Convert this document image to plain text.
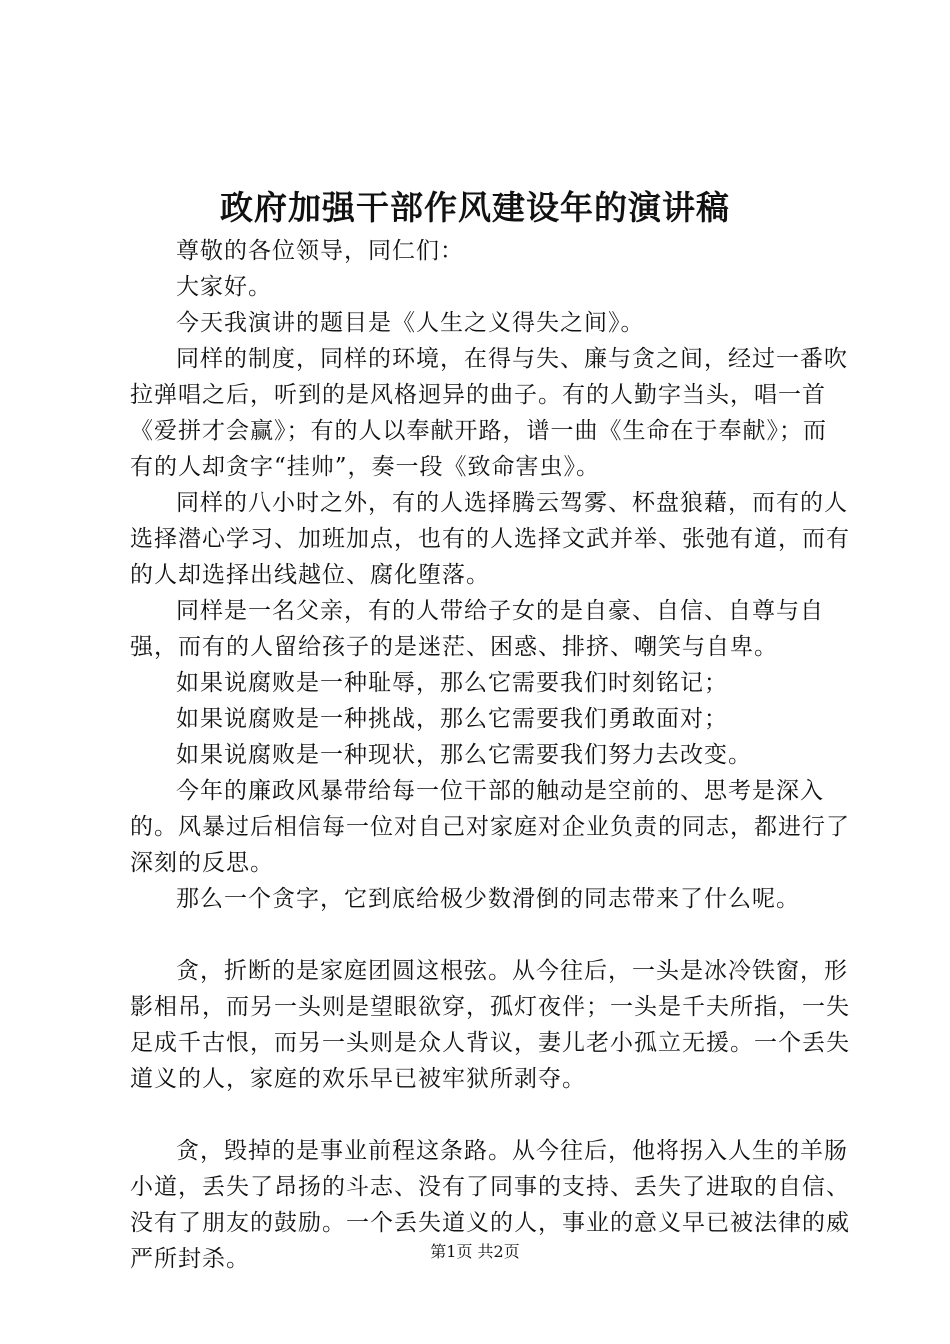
政府加强干部作风建设年的演讲稿

尊敬的各位领导，同仁们：

大家好。

今天我演讲的题目是《人生之义得失之间》。

同样的制度，同样的环境，在得与失、廉与贪之间，经过一番吹拉弹唱之后，听到的是风格迥异的曲子。有的人勤字当头，唱一首《爱拼才会赢》；有的人以奉献开路，谱一曲《生命在于奉献》；而有的人却贪字“挂帅”，奏一段《致命害虫》。

同样的八小时之外，有的人选择腾云驾雾、杯盘狼藉，而有的人选择潜心学习、加班加点，也有的人选择文武并举、张弛有道，而有的人却选择出线越位、腐化堕落。

同样是一名父亲，有的人带给子女的是自豪、自信、自尊与自强，而有的人留给孩子的是迷茫、困惑、排挤、嘲笑与自卑。

如果说腐败是一种耻辱，那么它需要我们时刻铭记；

如果说腐败是一种挑战，那么它需要我们勇敢面对；

如果说腐败是一种现状，那么它需要我们努力去改变。

今年的廉政风暴带给每一位干部的触动是空前的、思考是深入的。风暴过后相信每一位对自己对家庭对企业负责的同志，都进行了深刻的反思。

那么一个贪字，它到底给极少数滑倒的同志带来了什么呢。

贪，折断的是家庭团圆这根弦。从今往后，一头是冰冷铁窗，形影相吊，而另一头则是望眼欲穿，孤灯夜伴；一头是千夫所指，一失足成千古恨，而另一头则是众人背议，妻儿老小孤立无援。一个丢失道义的人，家庭的欢乐早已被牢狱所剥夺。

贪，毁掉的是事业前程这条路。从今往后，他将拐入人生的羊肠小道，丢失了昂扬的斗志、没有了同事的支持、丢失了进取的自信、没有了朋友的鼓励。一个丢失道义的人，事业的意义早已被法律的威严所封杀。	第1页 共2页
